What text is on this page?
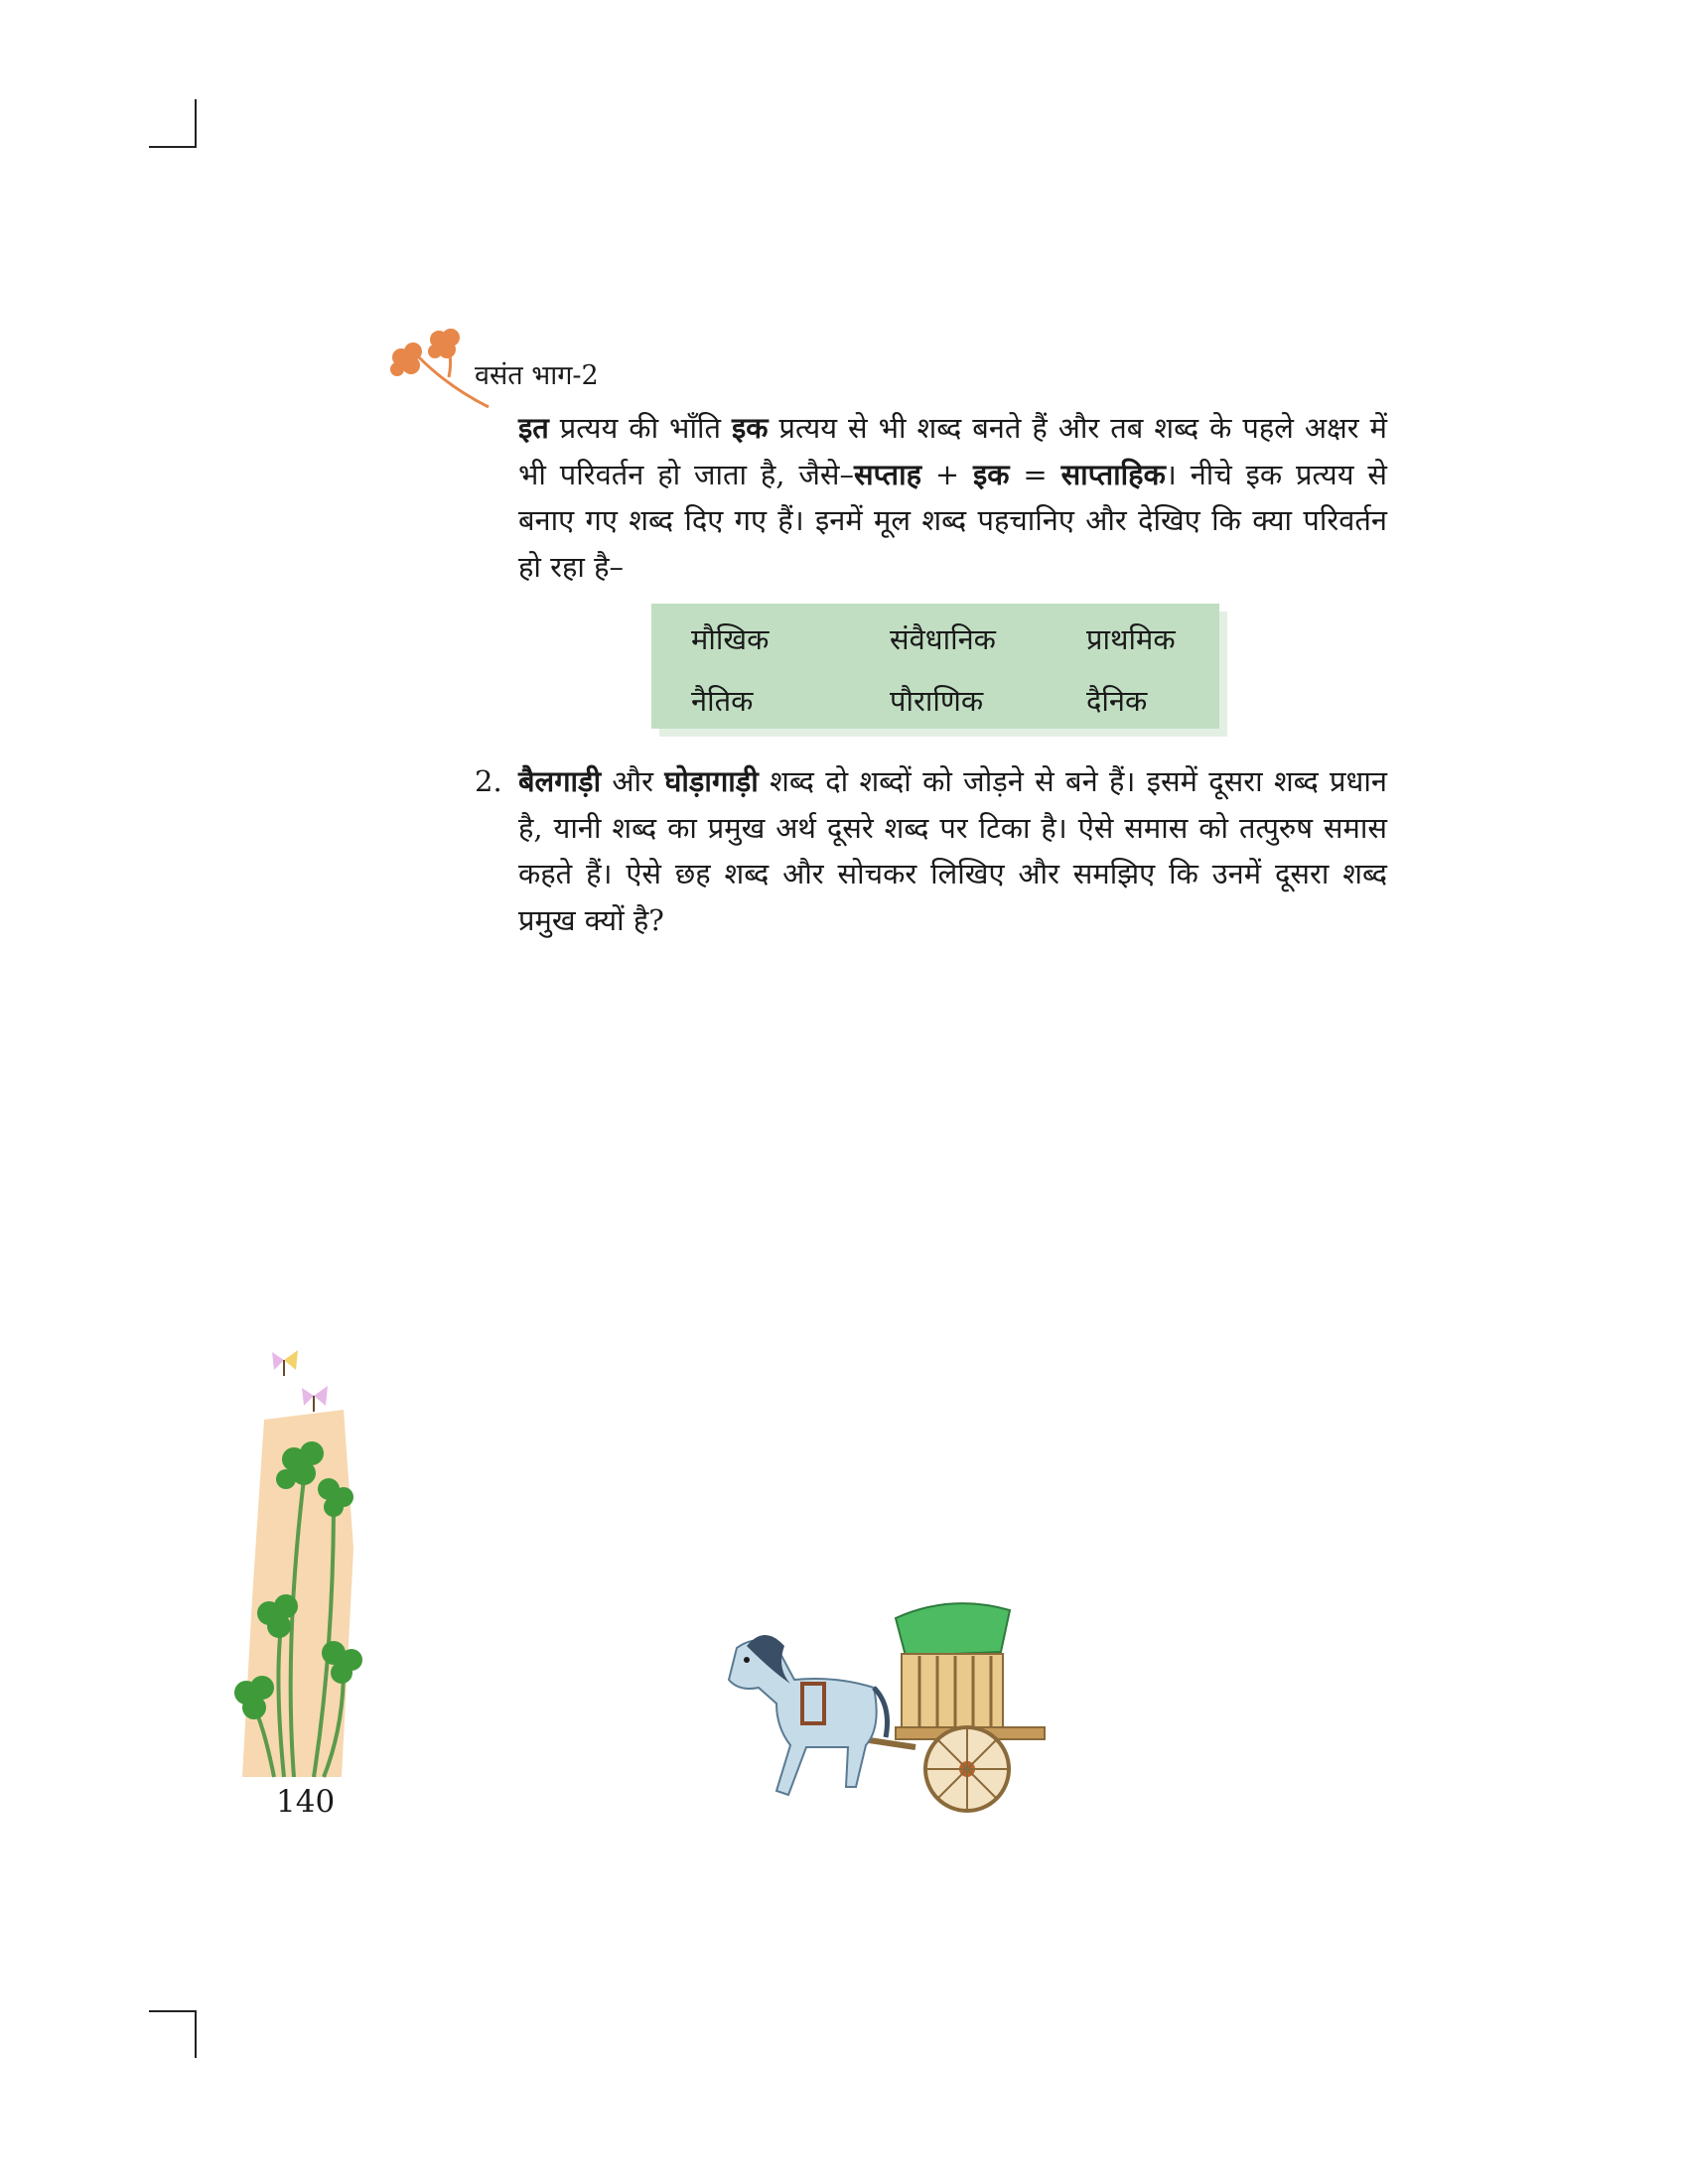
वसंत भाग-2
इत प्रत्यय की भाँति इक प्रत्यय से भी शब्द बनते हैं और तब शब्द के पहले अक्षर में भी परिवर्तन हो जाता है, जैसे–सप्ताह + इक = साप्ताहिक। नीचे इक प्रत्यय से बनाए गए शब्द दिए गए हैं। इनमें मूल शब्द पहचानिए और देखिए कि क्या परिवर्तन हो रहा है–
मौखिक	संवैधानिक	प्राथमिक
नैतिक	पौराणिक	दैनिक
2. बैलगाड़ी और घोड़ागाड़ी शब्द दो शब्दों को जोड़ने से बने हैं। इसमें दूसरा शब्द प्रधान है, यानी शब्द का प्रमुख अर्थ दूसरे शब्द पर टिका है। ऐसे समास को तत्पुरुष समास कहते हैं। ऐसे छह शब्द और सोचकर लिखिए और समझिए कि उनमें दूसरा शब्द प्रमुख क्यों है?
140
